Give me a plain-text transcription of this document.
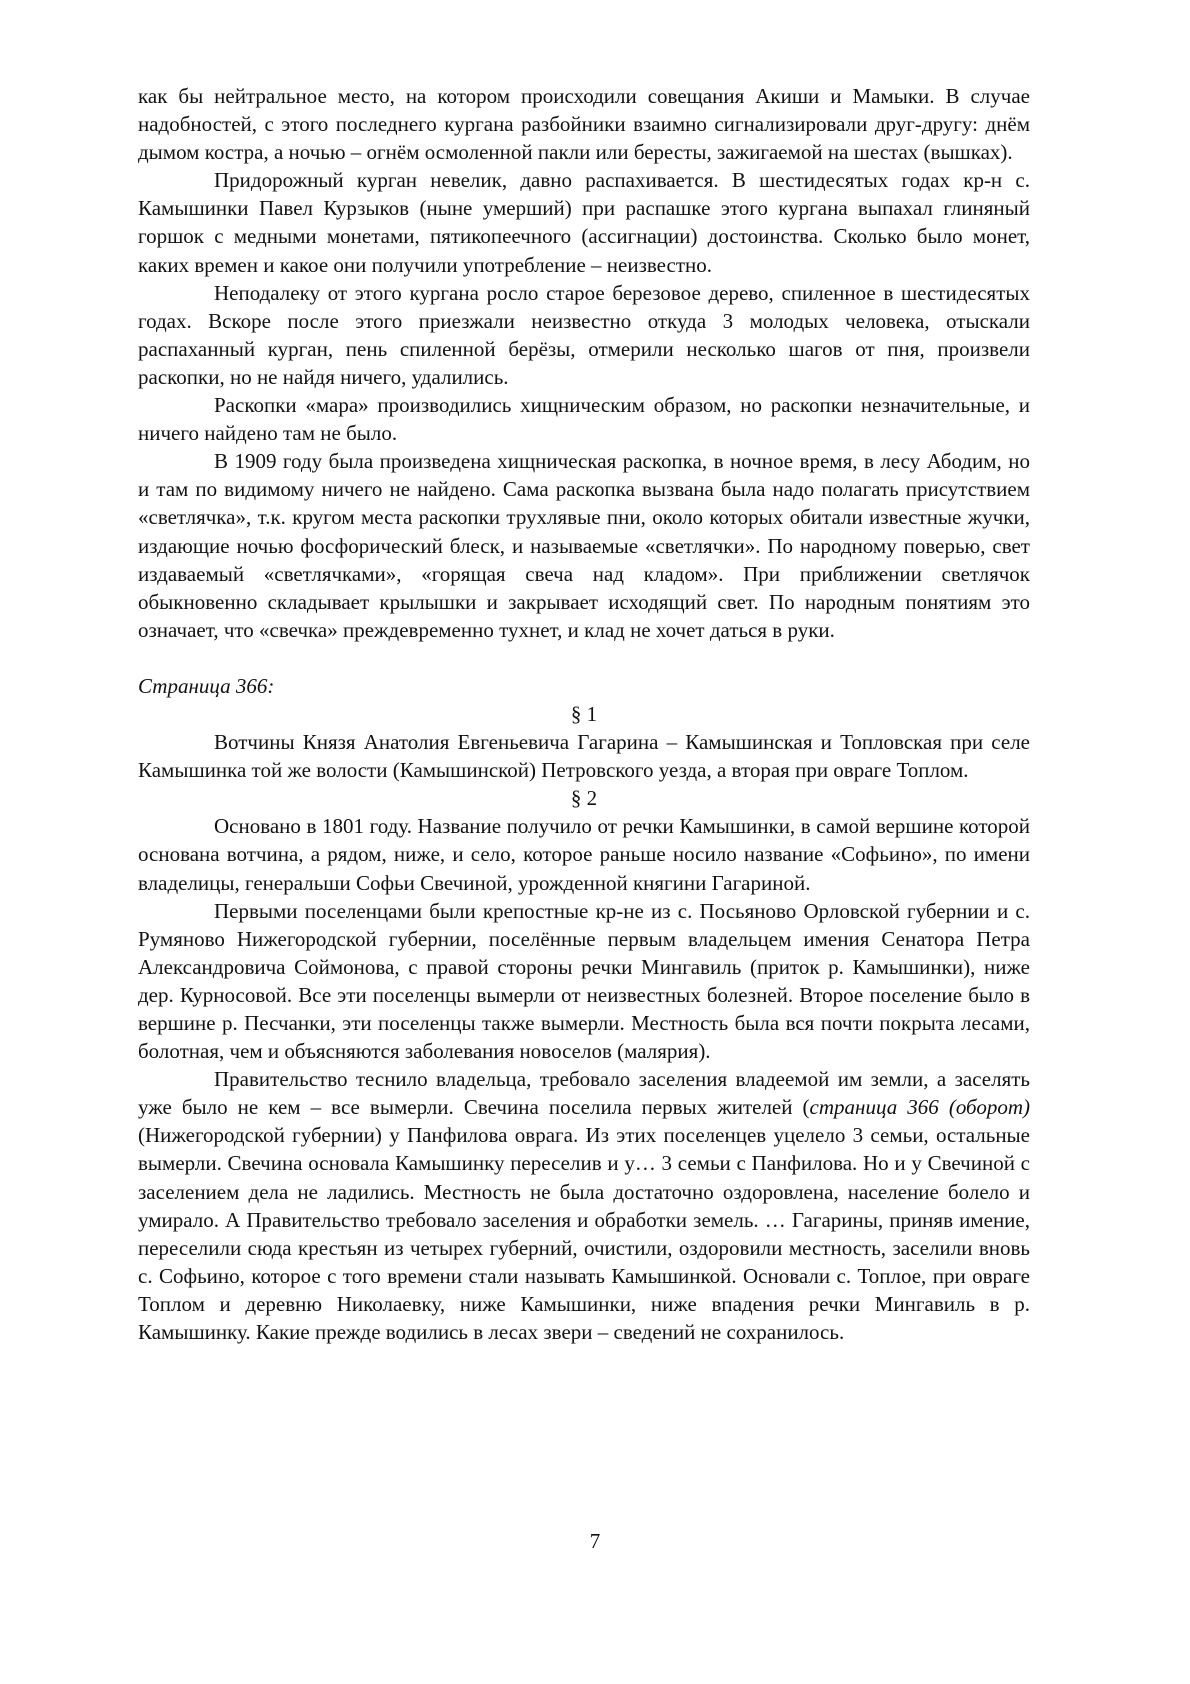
как бы нейтральное место, на котором происходили совещания Акиши и Мамыки. В случае надобностей, с этого последнего кургана разбойники взаимно сигнализировали друг-другу: днём дымом костра, а ночью – огнём осмоленной пакли или бересты, зажигаемой на шестах (вышках).

Придорожный курган невелик, давно распахивается. В шестидесятых годах кр-н с. Камышинки Павел Курзыков (ныне умерший) при распашке этого кургана выпахал глиняный горшок с медными монетами, пятикопеечного (ассигнации) достоинства. Сколько было монет, каких времен и какое они получили употребление – неизвестно.

Неподалеку от этого кургана росло старое березовое дерево, спиленное в шестидесятых годах. Вскоре после этого приезжали неизвестно откуда 3 молодых человека, отыскали распаханный курган, пень спиленной берёзы, отмерили несколько шагов от пня, произвели раскопки, но не найдя ничего, удалились.

Раскопки «мара» производились хищническим образом, но раскопки незначительные, и ничего найдено там не было.

В 1909 году была произведена хищническая раскопка, в ночное время, в лесу Абодим, но и там по видимому ничего не найдено. Сама раскопка вызвана была надо полагать присутствием «светлячка», т.к. кругом места раскопки трухлявые пни, около которых обитали известные жучки, издающие ночью фосфорический блеск, и называемые «светлячки». По народному поверью, свет издаваемый «светлячками», «горящая свеча над кладом». При приближении светлячок обыкновенно складывает крылышки и закрывает исходящий свет. По народным понятиям это означает, что «свечка» преждевременно тухнет, и клад не хочет даться в руки.

Страница 366:

§ 1

Вотчины Князя Анатолия Евгеньевича Гагарина – Камышинская и Топловская при селе Камышинка той же волости (Камышинской) Петровского уезда, а вторая при овраге Топлом.

§ 2

Основано в 1801 году. Название получило от речки Камышинки, в самой вершине которой основана вотчина, а рядом, ниже, и село, которое раньше носило название «Софьино», по имени владелицы, генеральши Софьи Свечиной, урожденной княгини Гагариной.

Первыми поселенцами были крепостные кр-не из с. Посьяново Орловской губернии и с. Румяново Нижегородской губернии, поселённые первым владельцем имения Сенатора Петра Александровича Соймонова, с правой стороны речки Мингавиль (приток р. Камышинки), ниже дер. Курносовой. Все эти поселенцы вымерли от неизвестных болезней. Второе поселение было в вершине р. Песчанки, эти поселенцы также вымерли. Местность была вся почти покрыта лесами, болотная, чем и объясняются заболевания новоселов (малярия).

Правительство теснило владельца, требовало заселения владеемой им земли, а заселять уже было не кем – все вымерли. Свечина поселила первых жителей (страница 366 (оборот) (Нижегородской губернии) у Панфилова оврага. Из этих поселенцев уцелело 3 семьи, остальные вымерли. Свечина основала Камышинку переселив и у… 3 семьи с Панфилова. Но и у Свечиной с заселением дела не ладились. Местность не была достаточно оздоровлена, население болело и умирало. А Правительство требовало заселения и обработки земель. … Гагарины, приняв имение, переселили сюда крестьян из четырех губерний, очистили, оздоровили местность, заселили вновь с. Софьино, которое с того времени стали называть Камышинкой. Основали с. Топлое, при овраге Топлом и деревню Николаевку, ниже Камышинки, ниже впадения речки Мингавиль в р. Камышинку. Какие прежде водились в лесах звери – сведений не сохранилось.

7
